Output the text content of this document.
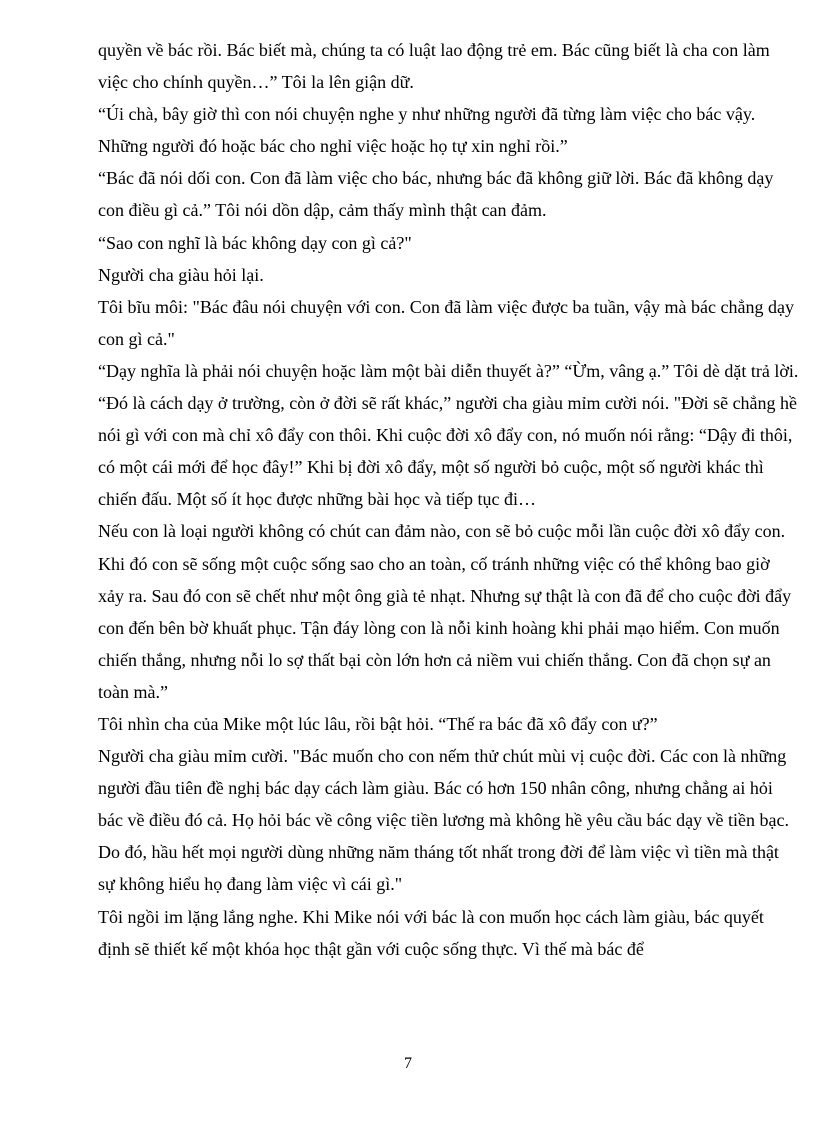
quyền về bác rồi. Bác biết mà, chúng ta có luật lao động trẻ em. Bác cũng biết là cha con làm việc cho chính quyền…” Tôi la lên giận dữ.

“Úi chà, bây giờ thì con nói chuyện nghe y như những người đã từng làm việc cho bác vậy. Những người đó hoặc bác cho nghỉ việc hoặc họ tự xin nghỉ rồi.”

“Bác đã nói dối con. Con đã làm việc cho bác, nhưng bác đã không giữ lời. Bác đã không dạy con điều gì cả.” Tôi nói dồn dập, cảm thấy mình thật can đảm.

“Sao con nghĩ là bác không dạy con gì cả?"

Người cha giàu hỏi lại.

Tôi bĩu môi: "Bác đâu nói chuyện với con. Con đã làm việc được ba tuần, vậy mà bác chẳng dạy con gì cả."

“Dạy nghĩa là phải nói chuyện hoặc làm một bài diễn thuyết à?” “Ừm, vâng ạ.” Tôi dè dặt trả lời.

“Đó là cách dạy ở trường, còn ở đời sẽ rất khác,” người cha giàu mỉm cười nói. "Đời sẽ chẳng hề nói gì với con mà chỉ xô đẩy con thôi. Khi cuộc đời xô đẩy con, nó muốn nói rằng: “Dậy đi thôi, có một cái mới để học đây!” Khi bị đời xô đẩy, một số người bỏ cuộc, một số người khác thì chiến đấu. Một số ít học được những bài học và tiếp tục đi…

Nếu con là loại người không có chút can đảm nào, con sẽ bỏ cuộc mỗi lần cuộc đời xô đẩy con. Khi đó con sẽ sống một cuộc sống sao cho an toàn, cố tránh những việc có thể không bao giờ xảy ra. Sau đó con sẽ chết như một ông già tẻ nhạt. Nhưng sự thật là con đã để cho cuộc đời đẩy con đến bên bờ khuất phục. Tận đáy lòng con là nỗi kinh hoàng khi phải mạo hiểm. Con muốn chiến thắng, nhưng nỗi lo sợ thất bại còn lớn hơn cả niềm vui chiến thắng. Con đã chọn sự an toàn mà.”

Tôi nhìn cha của Mike một lúc lâu, rồi bật hỏi. “Thế ra bác đã xô đẩy con ư?”

Người cha giàu mỉm cười. "Bác muốn cho con nếm thử chút mùi vị cuộc đời. Các con là những người đầu tiên đề nghị bác dạy cách làm giàu. Bác có hơn 150 nhân công, nhưng chẳng ai hỏi bác về điều đó cả. Họ hỏi bác về công việc tiền lương mà không hề yêu cầu bác dạy về tiền bạc. Do đó, hầu hết mọi người dùng những năm tháng tốt nhất trong đời để làm việc vì tiền mà thật sự không hiểu họ đang làm việc vì cái gì."

Tôi ngồi im lặng lắng nghe. Khi Mike nói với bác là con muốn học cách làm giàu, bác quyết định sẽ thiết kế một khóa học thật gần với cuộc sống thực. Vì thế mà bác để

7
